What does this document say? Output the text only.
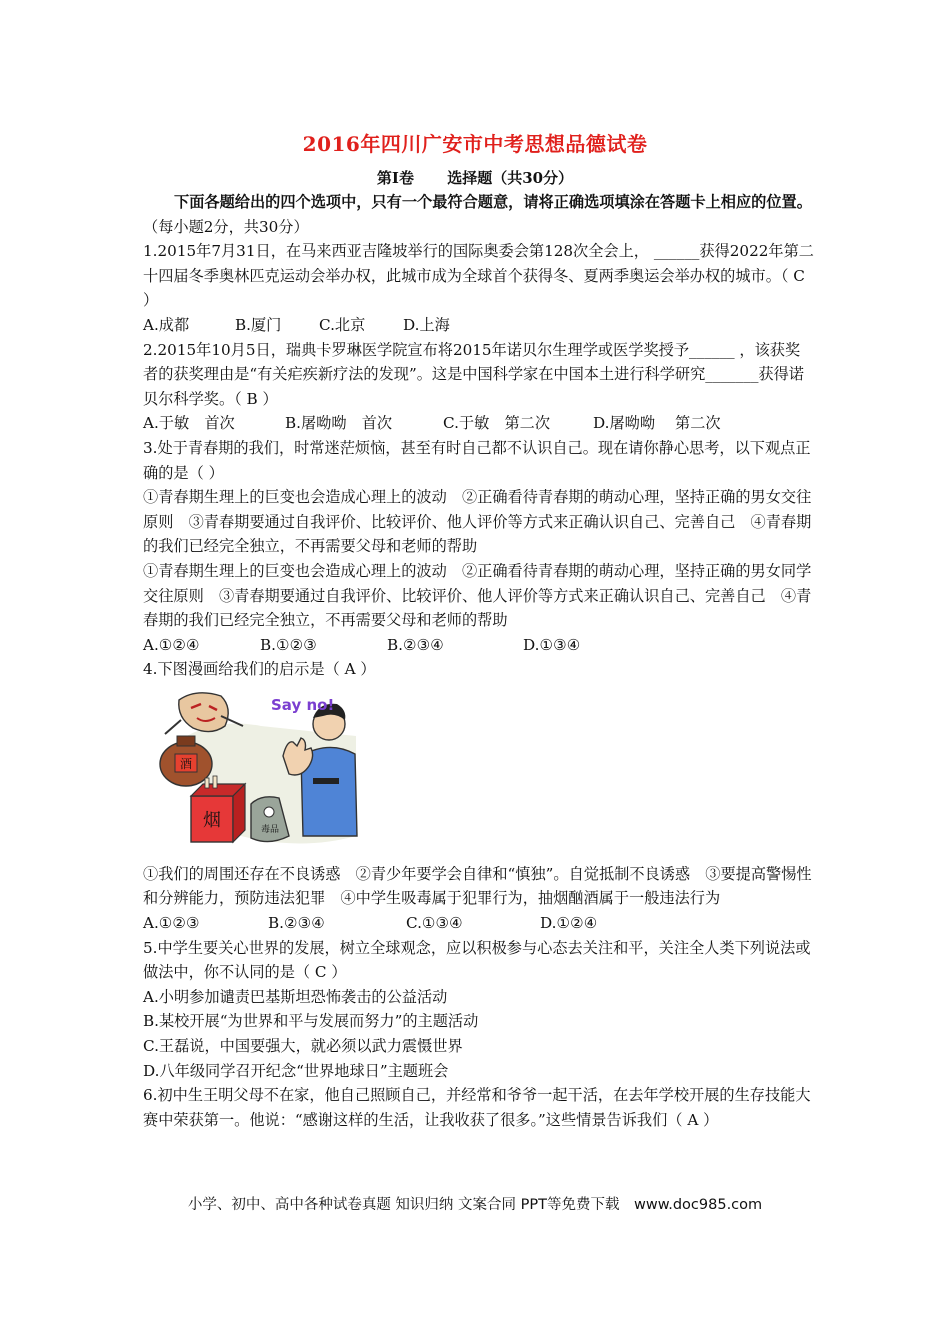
2016年四川广安市中考思想品德试卷
第Ⅰ卷 选择题（共30分）

下面各题给出的四个选项中，只有一个最符合题意，请将正确选项填涂在答题卡上相应的位置。（每小题2分，共30分）

1.2015年7月31日，在马来西亚吉隆坡举行的国际奥委会第128次全会上， ______获得2022年第二十四届冬季奥林匹克运动会举办权，此城市成为全球首个获得冬、夏两季奥运会举办权的城市。（ C ）

A.成都	B.厦门	C.北京	D.上海

2.2015年10月5日，瑞典卡罗琳医学院宣布将2015年诺贝尔生理学或医学奖授予______ ，该获奖者的获奖理由是“有关疟疾新疗法的发现”。这是中国科学家在中国本土进行科学研究_______获得诺贝尔科学奖。（ B ）

A.于敏　首次	B.屠呦呦　首次	C.于敏　第二次	D.屠呦呦　 第二次

3.处于青春期的我们，时常迷茫烦恼，甚至有时自己都不认识自己。现在请你静心思考，以下观点正确的是（ ）

①青春期生理上的巨变也会造成心理上的波动　②正确看待青春期的萌动心理，坚持正确的男女交往原则　③青春期要通过自我评价、比较评价、他人评价等方式来正确认识自己、完善自己　④青春期的我们已经完全独立，不再需要父母和老师的帮助

①青春期生理上的巨变也会造成心理上的波动　②正确看待青春期的萌动心理，坚持正确的男女同学交往原则　③青春期要通过自我评价、比较评价、他人评价等方式来正确认识自己、完善自己　④青春期的我们已经完全独立，不再需要父母和老师的帮助

A.①②④	B.①②③	B.②③④	D.①③④

4.下图漫画给我们的启示是（ A ）

酒
烟	毒品
Say no!

①我们的周围还存在不良诱惑　②青少年要学会自律和“慎独”。自觉抵制不良诱惑　③要提高警惕性和分辨能力，预防违法犯罪　④中学生吸毒属于犯罪行为，抽烟酗酒属于一般违法行为

A.①②③	B.②③④	C.①③④	D.①②④

5.中学生要关心世界的发展，树立全球观念，应以积极参与心态去关注和平，关注全人类下列说法或做法中，你不认同的是（ C ）

A.小明参加谴责巴基斯坦恐怖袭击的公益活动

B.某校开展“为世界和平与发展而努力”的主题活动

C.王磊说，中国要强大，就必须以武力震慑世界

D.八年级同学召开纪念“世界地球日”主题班会

6.初中生王明父母不在家，他自己照顾自己，并经常和爷爷一起干活，在去年学校开展的生存技能大赛中荣获第一。他说：“感谢这样的生活，让我收获了很多。”这些情景告诉我们（ A ）

小学、初中、高中各种试卷真题 知识归纳 文案合同 PPT等免费下载　www.doc985.com
